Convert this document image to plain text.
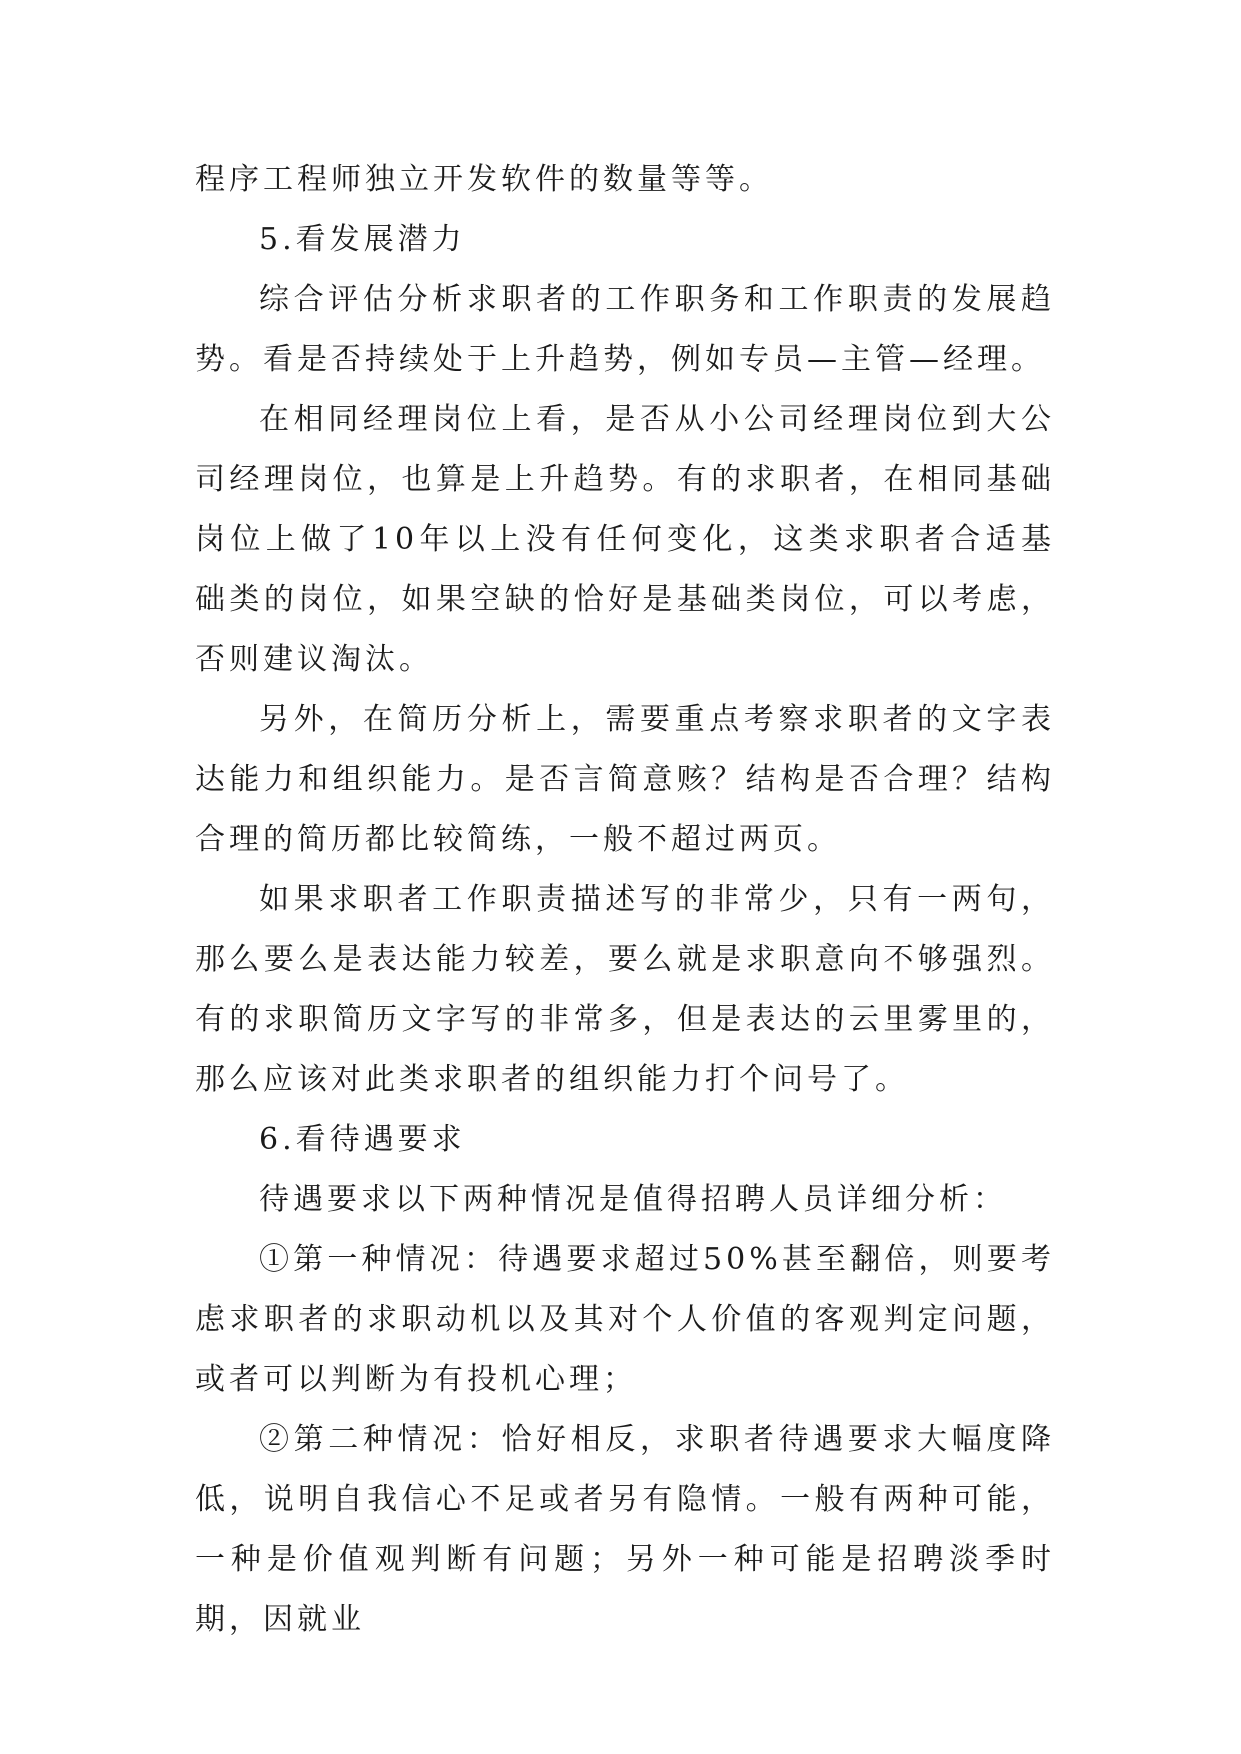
程序工程师独立开发软件的数量等等。

5.看发展潜力

综合评估分析求职者的工作职务和工作职责的发展趋势。看是否持续处于上升趋势，例如专员—主管—经理。

在相同经理岗位上看，是否从小公司经理岗位到大公司经理岗位，也算是上升趋势。有的求职者，在相同基础岗位上做了10年以上没有任何变化，这类求职者合适基础类的岗位，如果空缺的恰好是基础类岗位，可以考虑，否则建议淘汰。

另外，在简历分析上，需要重点考察求职者的文字表达能力和组织能力。是否言简意赅？结构是否合理？结构合理的简历都比较简练，一般不超过两页。

如果求职者工作职责描述写的非常少，只有一两句，那么要么是表达能力较差，要么就是求职意向不够强烈。有的求职简历文字写的非常多，但是表达的云里雾里的，那么应该对此类求职者的组织能力打个问号了。

6.看待遇要求

待遇要求以下两种情况是值得招聘人员详细分析：

①第一种情况：待遇要求超过50%甚至翻倍，则要考虑求职者的求职动机以及其对个人价值的客观判定问题，或者可以判断为有投机心理；

②第二种情况：恰好相反，求职者待遇要求大幅度降低，说明自我信心不足或者另有隐情。一般有两种可能，一种是价值观判断有问题；另外一种可能是招聘淡季时期，因就业
